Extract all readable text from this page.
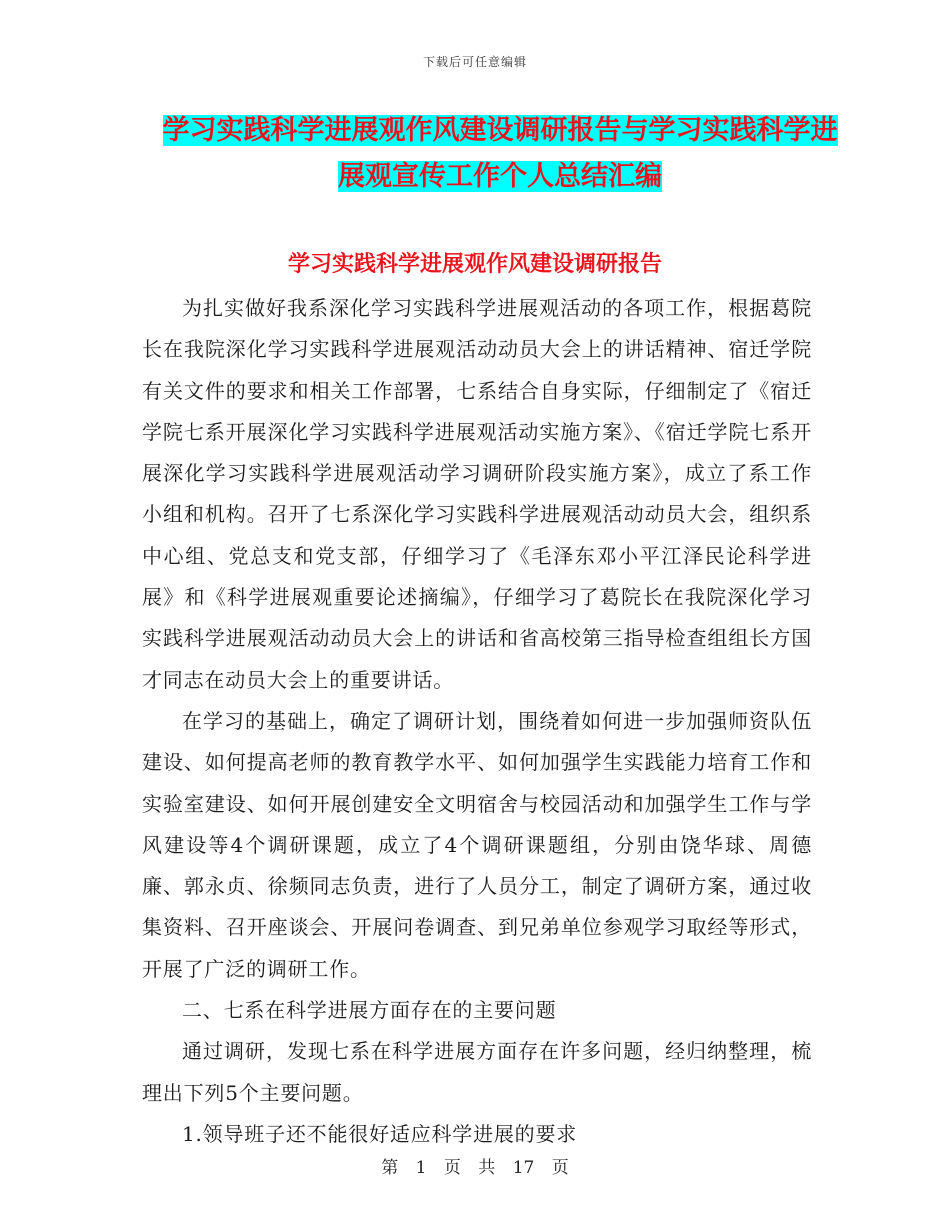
下载后可任意编辑
学习实践科学进展观作风建设调研报告与学习实践科学进展观宣传工作个人总结汇编
学习实践科学进展观作风建设调研报告

为扎实做好我系深化学习实践科学进展观活动的各项工作，根据葛院长在我院深化学习实践科学进展观活动动员大会上的讲话精神、宿迁学院有关文件的要求和相关工作部署，七系结合自身实际，仔细制定了《宿迁学院七系开展深化学习实践科学进展观活动实施方案》、《宿迁学院七系开展深化学习实践科学进展观活动学习调研阶段实施方案》，成立了系工作小组和机构。召开了七系深化学习实践科学进展观活动动员大会，组织系中心组、党总支和党支部，仔细学习了《毛泽东邓小平江泽民论科学进展》和《科学进展观重要论述摘编》，仔细学习了葛院长在我院深化学习实践科学进展观活动动员大会上的讲话和省高校第三指导检查组组长方国才同志在动员大会上的重要讲话。

在学习的基础上，确定了调研计划，围绕着如何进一步加强师资队伍建设、如何提高老师的教育教学水平、如何加强学生实践能力培育工作和实验室建设、如何开展创建安全文明宿舍与校园活动和加强学生工作与学风建设等4个调研课题，成立了4个调研课题组，分别由饶华球、周德廉、郭永贞、徐频同志负责，进行了人员分工，制定了调研方案，通过收集资料、召开座谈会、开展问卷调查、到兄弟单位参观学习取经等形式，开展了广泛的调研工作。

二、七系在科学进展方面存在的主要问题

通过调研，发现七系在科学进展方面存在许多问题，经归纳整理，梳理出下列5个主要问题。

1.领导班子还不能很好适应科学进展的要求

第 1 页 共 17 页
